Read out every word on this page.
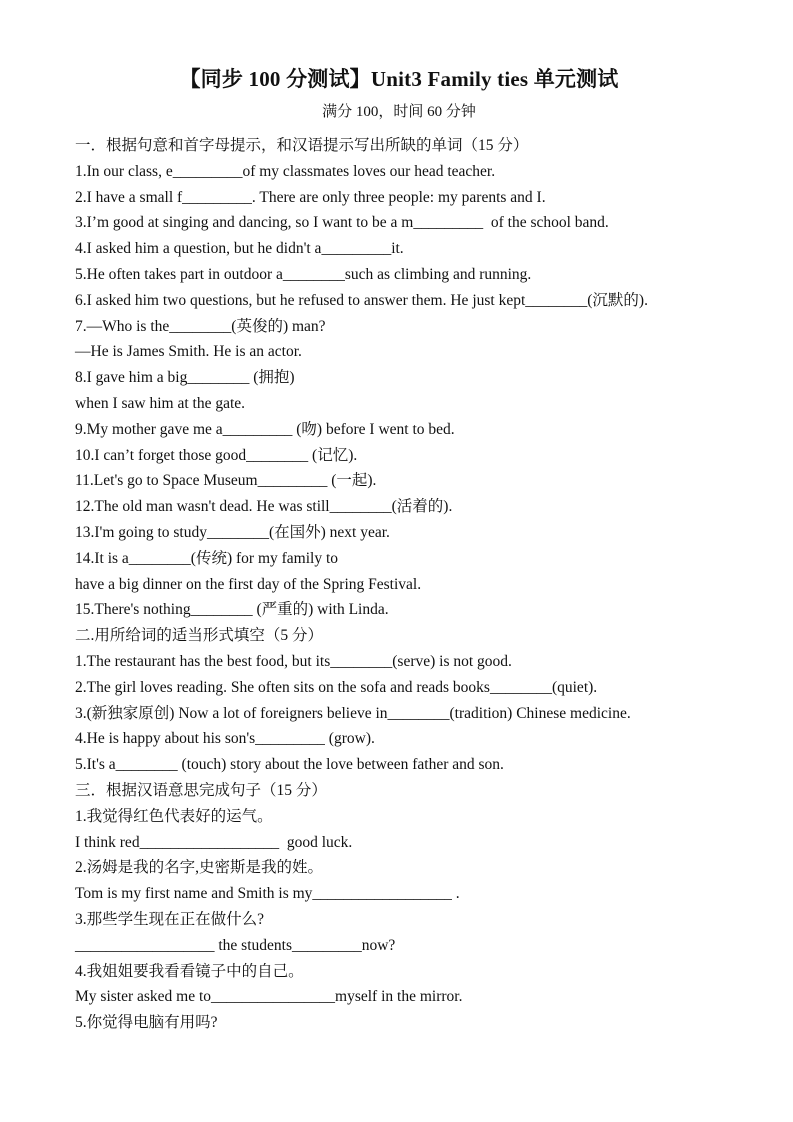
【同步 100 分测试】Unit3 Family ties 单元测试

满分 100，时间 60 分钟

一．根据句意和首字母提示，和汉语提示写出所缺的单词（15 分）

1.In our class, e_________of my classmates loves our head teacher.

2.I have a small f_________. There are only three people: my parents and I.

3.I’m good at singing and dancing, so I want to be a m_________  of the school band.

4.I asked him a question, but he didn't a_________it.

5.He often takes part in outdoor a________such as climbing and running.

6.I asked him two questions, but he refused to answer them. He just kept________(沉默的).

7.—Who is the________(英俊的) man?

—He is James Smith. He is an actor.

8.I gave him a big________ (拥抱)

when I saw him at the gate.

9.My mother gave me a_________ (吻) before I went to bed.

10.I can’t forget those good________ (记忆).

11.Let's go to Space Museum_________ (一起).

12.The old man wasn't dead. He was still________(活着的).

13.I'm going to study________(在国外) next year.

14.It is a________(传统) for my family to

have a big dinner on the first day of the Spring Festival.

15.There's nothing________ (严重的) with Linda.

二.用所给词的适当形式填空（5 分）

1.The restaurant has the best food, but its________(serve) is not good.

2.The girl loves reading. She often sits on the sofa and reads books________(quiet).

3.(新独家原创) Now a lot of foreigners believe in________(tradition) Chinese medicine.

4.He is happy about his son's_________ (grow).

5.It's a________ (touch) story about the love between father and son.

三．根据汉语意思完成句子（15 分）

1.我觉得红色代表好的运气。

I think red__________________  good luck.

2.汤姆是我的名字,史密斯是我的姓。

Tom is my first name and Smith is my__________________ .

3.那些学生现在正在做什么?

__________________ the students_________now?

4.我姐姐要我看看镜子中的自己。

My sister asked me to________________myself in the mirror.

5.你觉得电脑有用吗?
